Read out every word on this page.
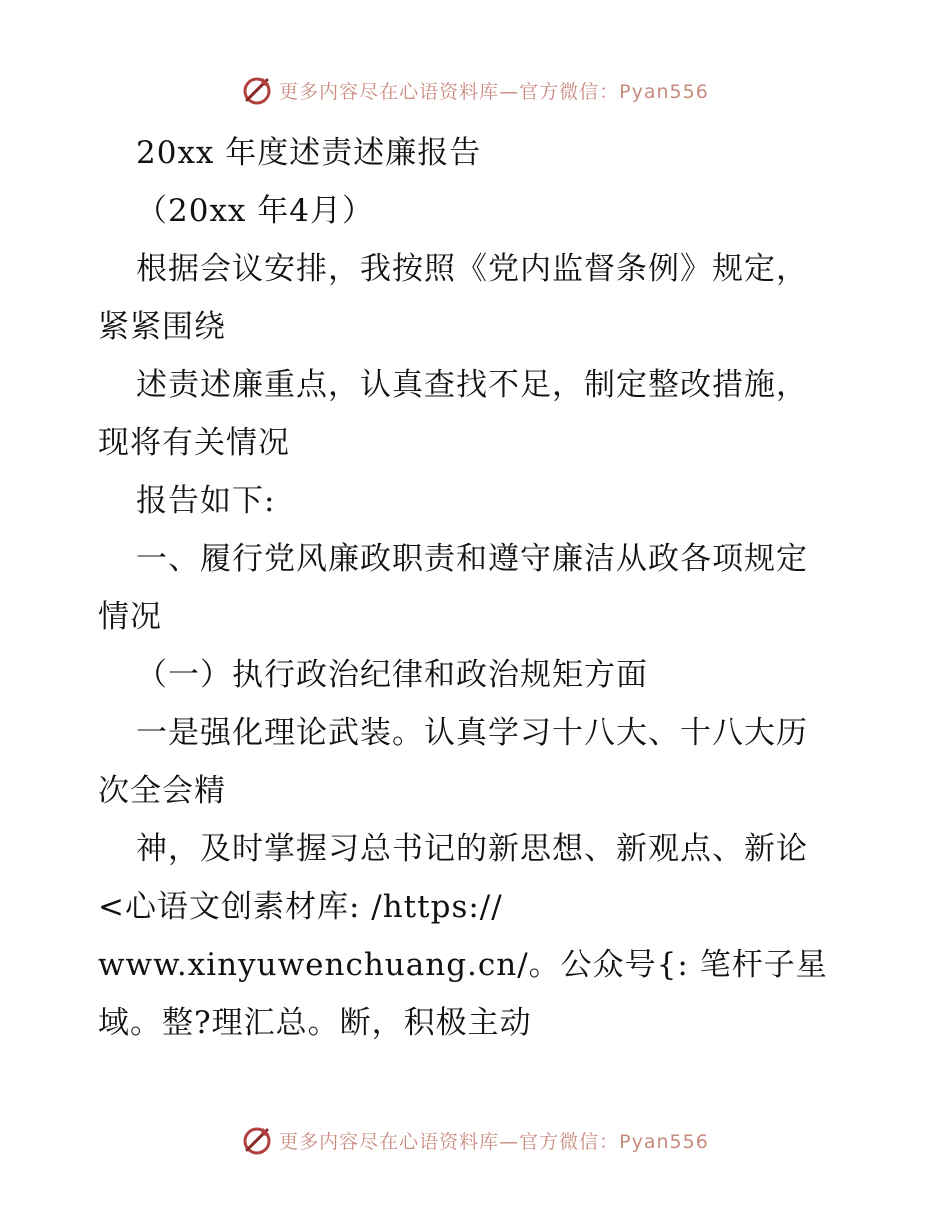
更多内容尽在心语资料库—官方微信：Pyan556
20xx 年度述责述廉报告
（20xx 年4月）
根据会议安排，我按照《党内监督条例》规定，
紧紧围绕
述责述廉重点，认真查找不足，制定整改措施，
现将有关情况
报告如下:
一、履行党风廉政职责和遵守廉洁从政各项规定
情况
（一）执行政治纪律和政治规矩方面
一是强化理论武装。认真学习十八大、十八大历
次全会精
神，及时掌握习总书记的新思想、新观点、新论
<心语文创素材库: /https://
www.xinyuwenchuang.cn/。公众号{: 笔杆子星
域。整?理汇总。断，积极主动
更多内容尽在心语资料库—官方微信：Pyan556
